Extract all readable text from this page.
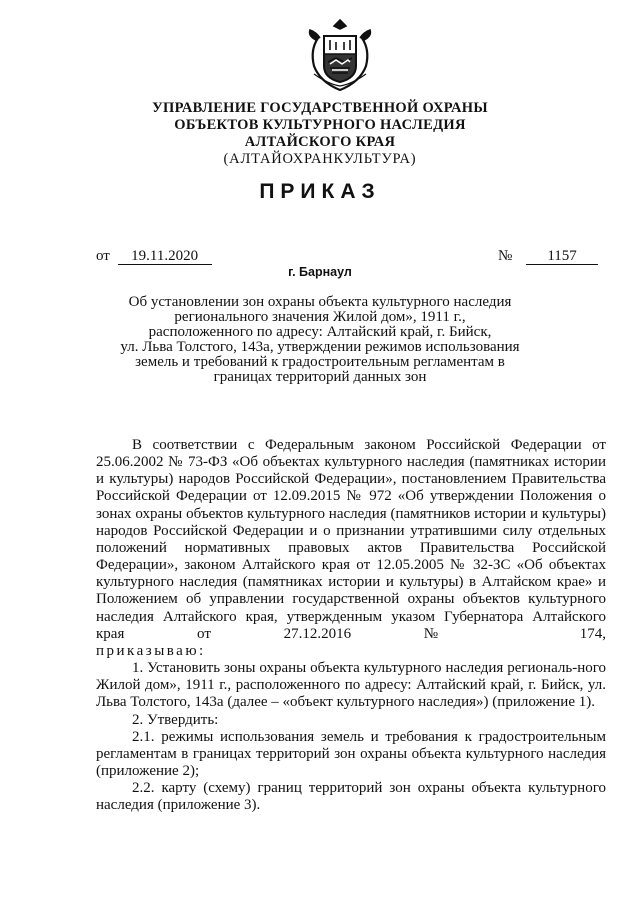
УПРАВЛЕНИЕ ГОСУДАРСТВЕННОЙ ОХРАНЫ
ОБЪЕКТОВ КУЛЬТУРНОГО НАСЛЕДИЯ
АЛТАЙСКОГО КРАЯ
(АЛТАЙОХРАНКУЛЬТУРА)
ПРИКАЗ
от 19.11.2020	№ 1157
г. Барнаул
Об установлении зон охраны объекта культурного наследия
регионального значения Жилой дом», 1911 г.,
расположенного по адресу: Алтайский край, г. Бийск,
ул. Льва Толстого, 143а, утверждении режимов использования
земель и требований к градостроительным регламентам в
границах территорий данных зон

В соответствии с Федеральным законом Российской Федерации от 25.06.2002 № 73-ФЗ «Об объектах культурного наследия (памятниках истории и культуры) народов Российской Федерации», постановлением Правительства Российской Федерации от 12.09.2015 № 972 «Об утверждении Положения о зонах охраны объектов культурного наследия (памятников истории и культуры) народов Российской Федерации и о признании утратившими силу отдельных положений нормативных правовых актов Правительства Российской Федерации», законом Алтайского края от 12.05.2005 № 32-ЗС «Об объектах культурного наследия (памятниках истории и культуры) в Алтайском крае» и Положением об управлении государственной охраны объектов культурного наследия Алтайского края, утвержденным указом Губернатора Алтайского края от 27.12.2016 № 174,

приказываю:

1. Установить зоны охраны объекта культурного наследия региональ-ного Жилой дом», 1911 г., расположенного по адресу: Алтайский край, г. Бийск, ул. Льва Толстого, 143а (далее – «объект культурного наследия») (приложение 1).

2. Утвердить:

2.1. режимы использования земель и требования к градостроительным регламентам в границах территорий зон охраны объекта культурного наследия (приложение 2);

2.2. карту (схему) границ территорий зон охраны объекта культурного наследия (приложение 3).
